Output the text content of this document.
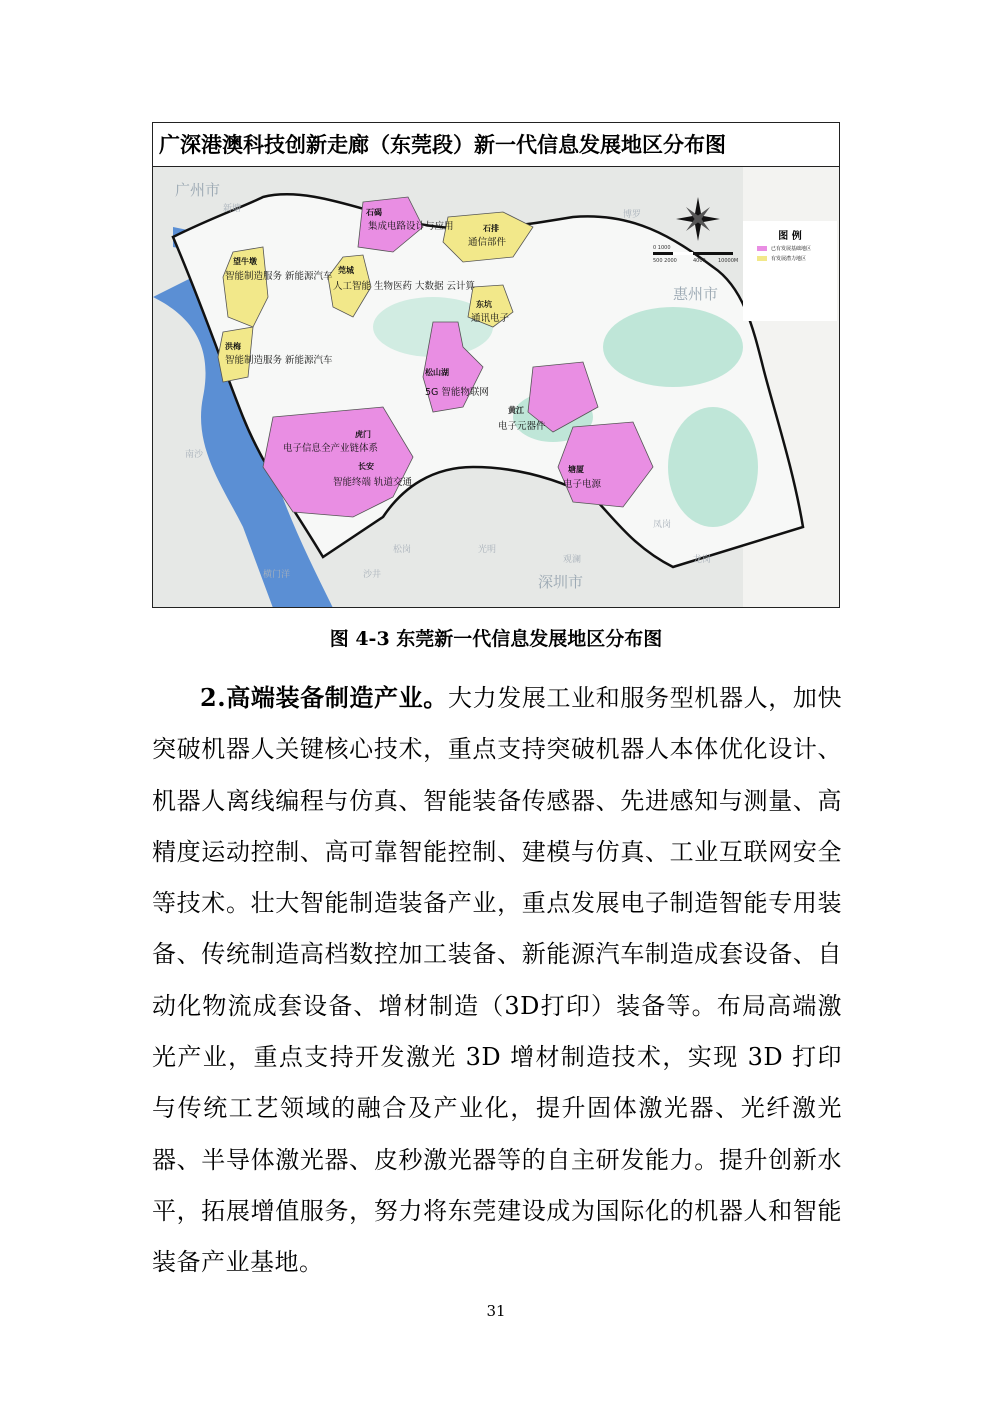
广深港澳科技创新走廊（东莞段）新一代信息发展地区分布图
广州市
惠州市
深圳市
新塘
博罗
南沙
松岗	光明
凤岗
观澜	龙岗
沙井
横门洋
石碣
集成电路设计与应用	石排
通信部件
望牛墩
智能制造服务 新能源汽车
莞城
人工智能 生物医药 大数据 云计算
东坑
通讯电子
洪梅
智能制造服务 新能源汽车
松山湖
5G 智能物联网
黄江
电子元器件
虎门
电子信息全产业链体系
长安
智能终端 轨道交通
塘厦
电子电源
0 1000
500 2000	4000 10000M
图 例
已有发展基础地区
有发展潜力地区
图 4-3 东莞新一代信息发展地区分布图

2.高端装备制造产业。大力发展工业和服务型机器人，加快突破机器人关键核心技术，重点支持突破机器人本体优化设计、机器人离线编程与仿真、智能装备传感器、先进感知与测量、高精度运动控制、高可靠智能控制、建模与仿真、工业互联网安全等技术。壮大智能制造装备产业，重点发展电子制造智能专用装备、传统制造高档数控加工装备、新能源汽车制造成套设备、自动化物流成套设备、增材制造（3D打印）装备等。布局高端激光产业，重点支持开发激光 3D 增材制造技术，实现 3D 打印与传统工艺领域的融合及产业化，提升固体激光器、光纤激光器、半导体激光器、皮秒激光器等的自主研发能力。提升创新水平，拓展增值服务，努力将东莞建设成为国际化的机器人和智能装备产业基地。

31
